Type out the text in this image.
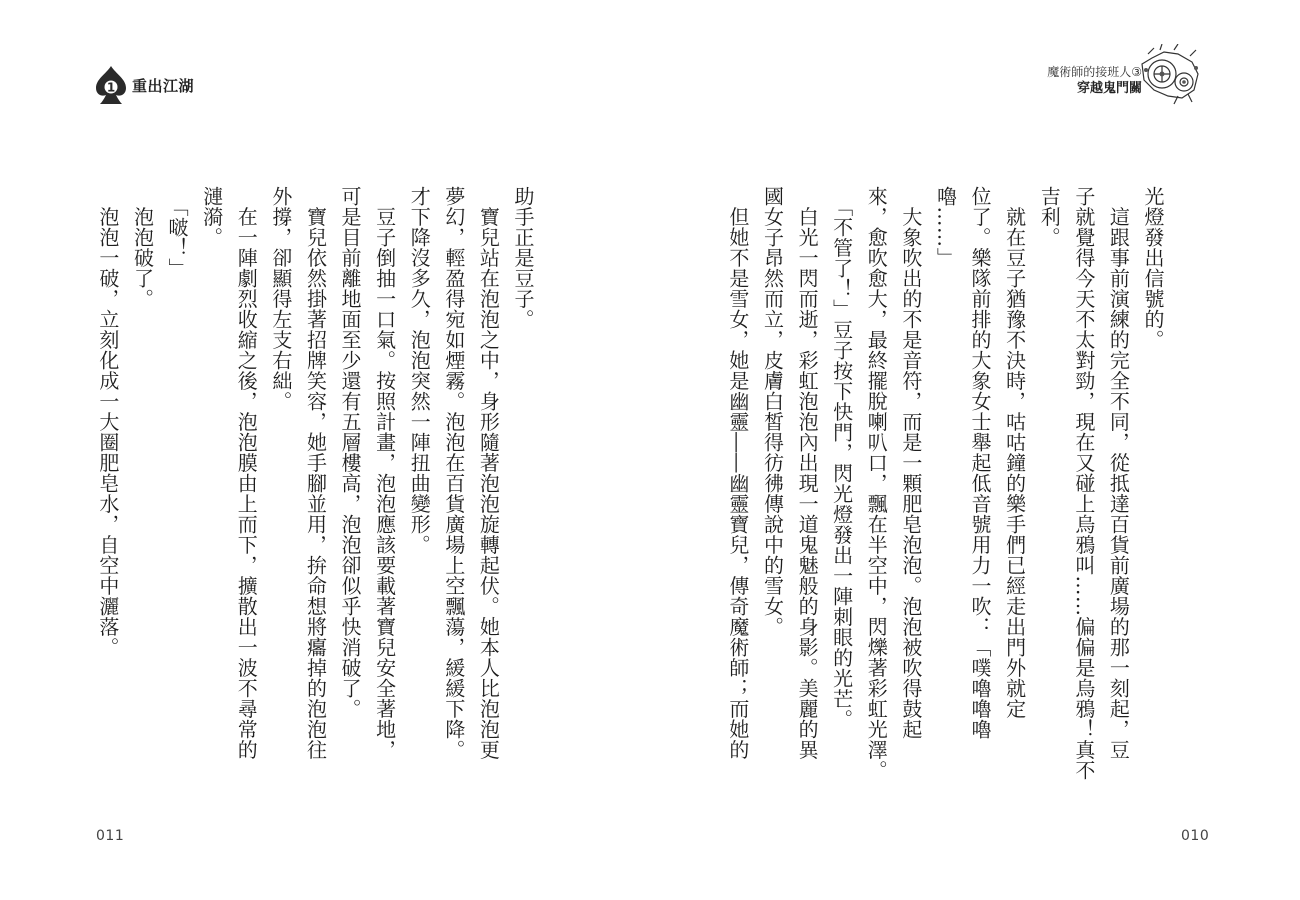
1 重出江湖
魔術師的接班人③
穿越鬼門關

光燈發出信號的。

　這跟事前演練的完全不同，從抵達百貨前廣場的那一刻起，豆

子就覺得今天不太對勁，現在又碰上烏鴉叫……偏偏是烏鴉！真不

吉利。

　就在豆子猶豫不決時，咕咕鐘的樂手們已經走出門外就定

位了。樂隊前排的大象女士舉起低音號用力一吹：「噗嚕嚕嚕

嚕……」

　大象吹出的不是音符，而是一顆肥皂泡泡。泡泡被吹得鼓起

來，愈吹愈大，最終擺脫喇叭口，飄在半空中，閃爍著彩虹光澤。

　「不管了！」豆子按下快門，閃光燈發出一陣刺眼的光芒。

　白光一閃而逝，彩虹泡泡內出現一道鬼魅般的身影。美麗的異

國女子昂然而立，皮膚白皙得彷彿傳說中的雪女。

　但她不是雪女，她是幽靈――幽靈寶兒，傳奇魔術師；而她的

助手正是豆子。

　寶兒站在泡泡之中，身形隨著泡泡旋轉起伏。她本人比泡泡更

夢幻，輕盈得宛如煙霧。泡泡在百貨廣場上空飄蕩，緩緩下降。

才下降沒多久，泡泡突然一陣扭曲變形。

　豆子倒抽一口氣。按照計畫，泡泡應該要載著寶兒安全著地，

可是目前離地面至少還有五層樓高，泡泡卻似乎快消破了。

　寶兒依然掛著招牌笑容，她手腳並用，拚命想將癟掉的泡泡往

外撐，卻顯得左支右絀。

　在一陣劇烈收縮之後，泡泡膜由上而下，擴散出一波不尋常的

漣漪。

　「啵！」

　泡泡破了。

　泡泡一破，立刻化成一大圈肥皂水，自空中灑落。

011	010
